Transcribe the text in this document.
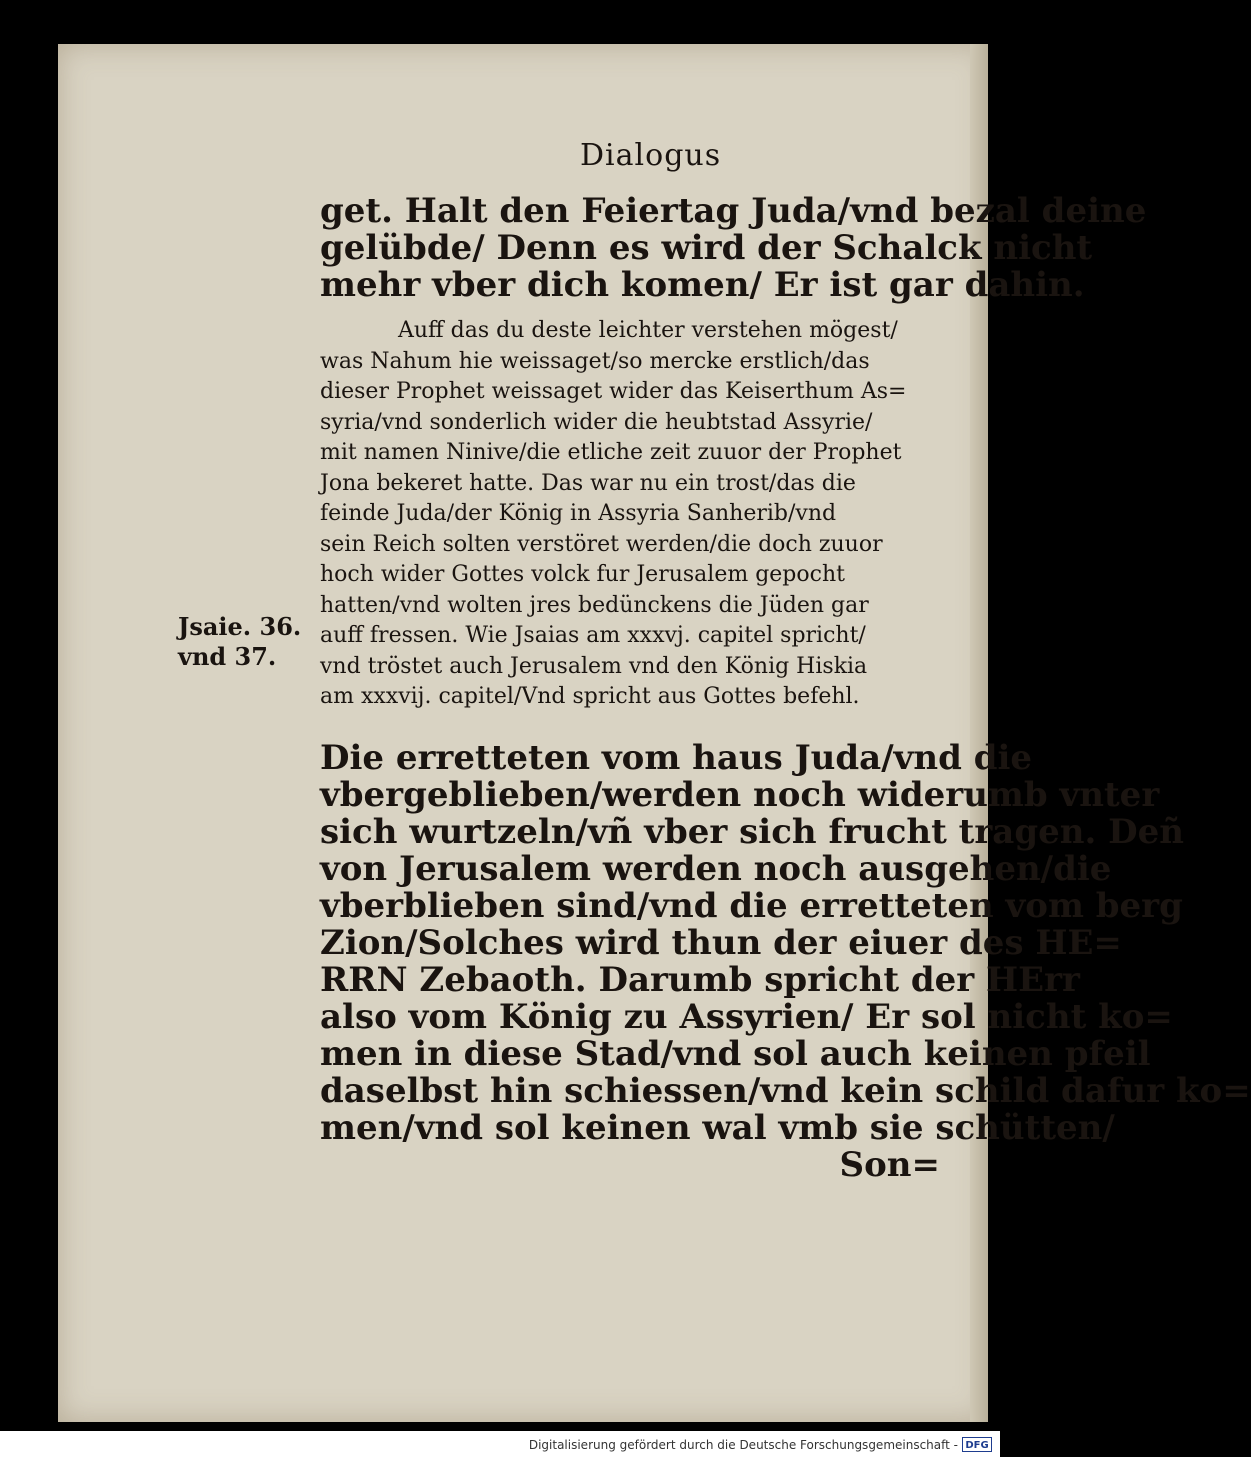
Dialogus
get. Halt den Feiertag Juda/vnd bezal deine
gelübde/ Denn es wird der Schalck nicht
mehr vber dich komen/ Er ist gar dahin.
Auff das du deste leichter verstehen mögest/
was Nahum hie weissaget/so mercke erstlich/das
dieser Prophet weissaget wider das Keiserthum As=
syria/vnd sonderlich wider die heubtstad Assyrie/
mit namen Ninive/die etliche zeit zuuor der Prophet
Jona bekeret hatte. Das war nu ein trost/das die
feinde Juda/der König in Assyria Sanherib/vnd
sein Reich solten verstöret werden/die doch zuuor
hoch wider Gottes volck fur Jerusalem gepocht
hatten/vnd wolten jres bedünckens die Jüden gar
auff fressen. Wie Jsaias am xxxvj. capitel spricht/
vnd tröstet auch Jerusalem vnd den König Hiskia
am xxxvij. capitel/Vnd spricht aus Gottes befehl.
Jsaie. 36.
vnd 37.
Die erretteten vom haus Juda/vnd die
vbergeblieben/werden noch widerumb vnter
sich wurtzeln/vñ vber sich frucht tragen. Deñ
von Jerusalem werden noch ausgehen/die
vberblieben sind/vnd die erretteten vom berg
Zion/Solches wird thun der eiuer des HE=
RRN Zebaoth. Darumb spricht der HErr
also vom König zu Assyrien/ Er sol nicht ko=
men in diese Stad/vnd sol auch keinen pfeil
daselbst hin schiessen/vnd kein schild dafur ko=
men/vnd sol keinen wal vmb sie schütten/
Son=
Digitalisierung gefördert durch die Deutsche Forschungsgemeinschaft - DFG
